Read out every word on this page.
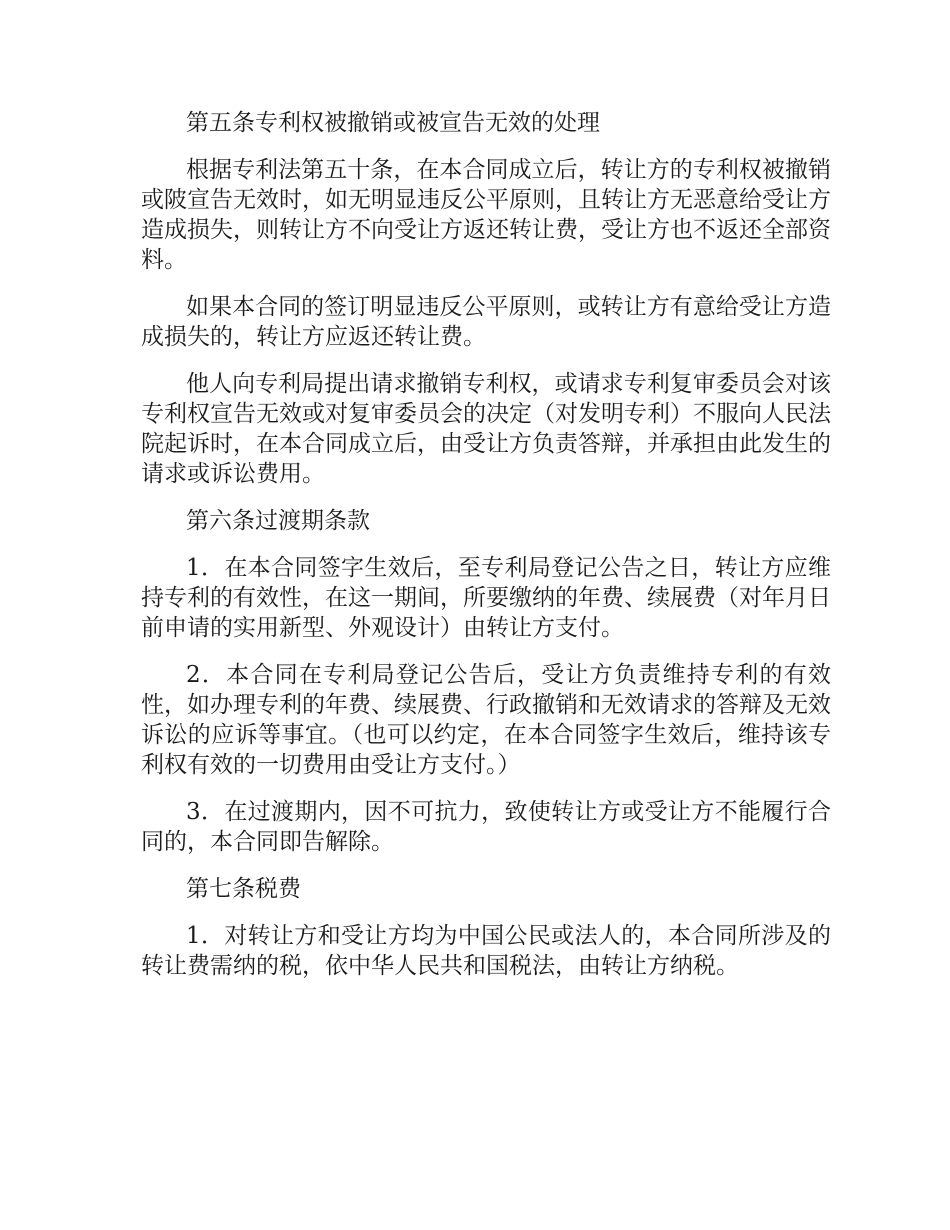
第五条专利权被撤销或被宣告无效的处理

根据专利法第五十条，在本合同成立后，转让方的专利权被撤销或陂宣告无效时，如无明显违反公平原则，且转让方无恶意给受让方造成损失，则转让方不向受让方返还转让费，受让方也不返还全部资料。

如果本合同的签订明显违反公平原则，或转让方有意给受让方造成损失的，转让方应返还转让费。

他人向专利局提出请求撤销专利权，或请求专利复审委员会对该专利权宣告无效或对复审委员会的决定（对发明专利）不服向人民法院起诉时，在本合同成立后，由受让方负责答辩，并承担由此发生的请求或诉讼费用。

第六条过渡期条款

1．在本合同签字生效后，至专利局登记公告之日，转让方应维持专利的有效性，在这一期间，所要缴纳的年费、续展费（对年月日前申请的实用新型、外观设计）由转让方支付。

2．本合同在专利局登记公告后，受让方负责维持专利的有效性，如办理专利的年费、续展费、行政撤销和无效请求的答辩及无效诉讼的应诉等事宜。（也可以约定，在本合同签字生效后，维持该专利权有效的一切费用由受让方支付。）

3．在过渡期内，因不可抗力，致使转让方或受让方不能履行合同的，本合同即告解除。

第七条税费

1．对转让方和受让方均为中国公民或法人的，本合同所涉及的转让费需纳的税，依中华人民共和国税法，由转让方纳税。
